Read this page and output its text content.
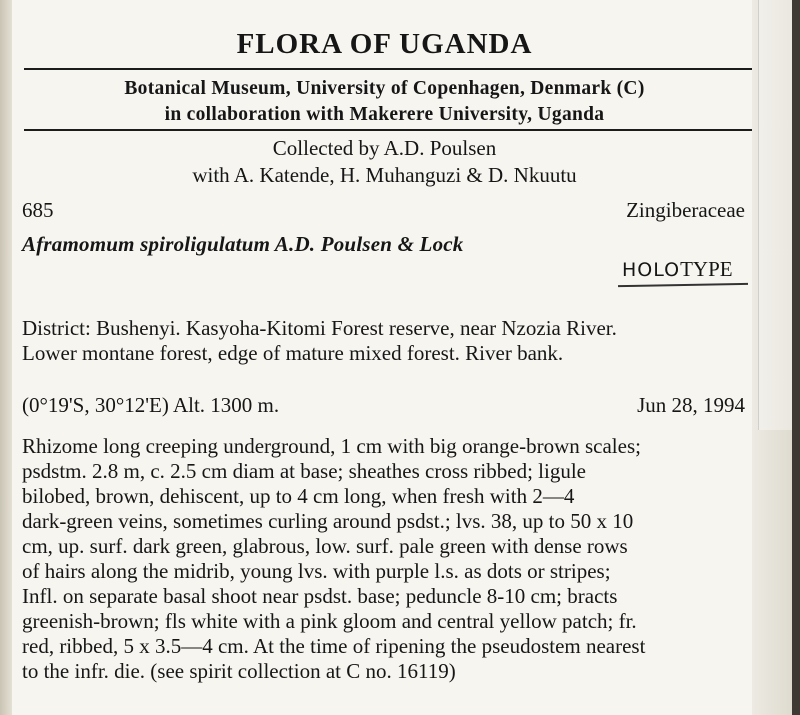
FLORA OF UGANDA
Botanical Museum, University of Copenhagen, Denmark (C)
in collaboration with Makerere University, Uganda
Collected by A.D. Poulsen
with A. Katende, H. Muhanguzi & D. Nkuutu
685	Zingiberaceae
Aframomum spiroligulatum A.D. Poulsen & Lock
HOLOTYPE
District: Bushenyi. Kasyoha-Kitomi Forest reserve, near Nzozia River.
Lower montane forest, edge of mature mixed forest. River bank.
(0°19'S, 30°12'E) Alt. 1300 m.	Jun 28, 1994
Rhizome long creeping underground, 1 cm with big orange-brown scales;
psdstm. 2.8 m, c. 2.5 cm diam at base; sheathes cross ribbed; ligule
bilobed, brown, dehiscent, up to 4 cm long, when fresh with 2—4
dark-green veins, sometimes curling around psdst.; lvs. 38, up to 50 x 10
cm, up. surf. dark green, glabrous, low. surf. pale green with dense rows
of hairs along the midrib, young lvs. with purple l.s. as dots or stripes;
Infl. on separate basal shoot near psdst. base; peduncle 8-10 cm; bracts
greenish-brown; fls white with a pink gloom and central yellow patch; fr.
red, ribbed, 5 x 3.5—4 cm. At the time of ripening the pseudostem nearest
to the infr. die. (see spirit collection at C no. 16119)
